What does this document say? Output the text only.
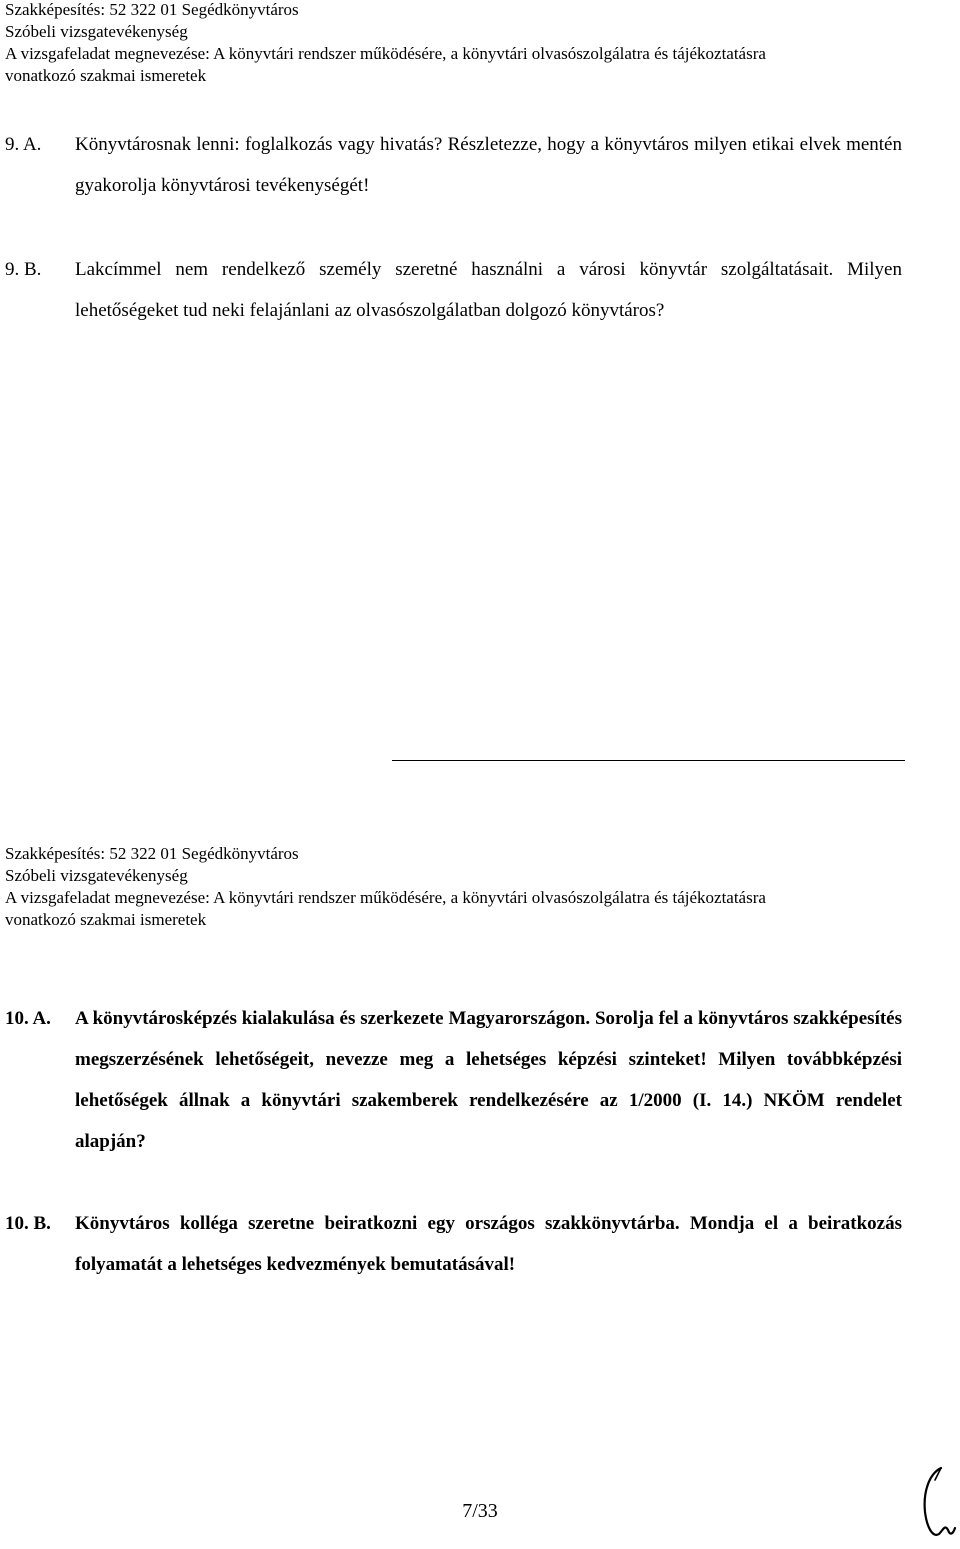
Szakképesítés: 52 322 01 Segédkönyvtáros
Szóbeli vizsgatevékenység
A vizsgafeladat megnevezése: A könyvtári rendszer működésére, a könyvtári olvasószolgálatra és tájékoztatásra
vonatkozó szakmai ismeretek
9. A. Könyvtárosnak lenni: foglalkozás vagy hivatás? Részletezze, hogy a könyvtáros milyen etikai elvek mentén gyakorolja könyvtárosi tevékenységét!
9. B. Lakcímmel nem rendelkező személy szeretné használni a városi könyvtár szolgáltatásait. Milyen lehetőségeket tud neki felajánlani az olvasószolgálatban dolgozó könyvtáros?
Szakképesítés: 52 322 01 Segédkönyvtáros
Szóbeli vizsgatevékenység
A vizsgafeladat megnevezése: A könyvtári rendszer működésére, a könyvtári olvasószolgálatra és tájékoztatásra
vonatkozó szakmai ismeretek
10. A. A könyvtárosképzés kialakulása és szerkezete Magyarországon. Sorolja fel a könyvtáros szakképesítés megszerzésének lehetőségeit, nevezze meg a lehetséges képzési szinteket! Milyen továbbképzési lehetőségek állnak a könyvtári szakemberek rendelkezésére az 1/2000 (I. 14.) NKÖM rendelet alapján?
10. B. Könyvtáros kolléga szeretne beiratkozni egy országos szakkönyvtárba. Mondja el a beiratkozás folyamatát a lehetséges kedvezmények bemutatásával!
7/33
